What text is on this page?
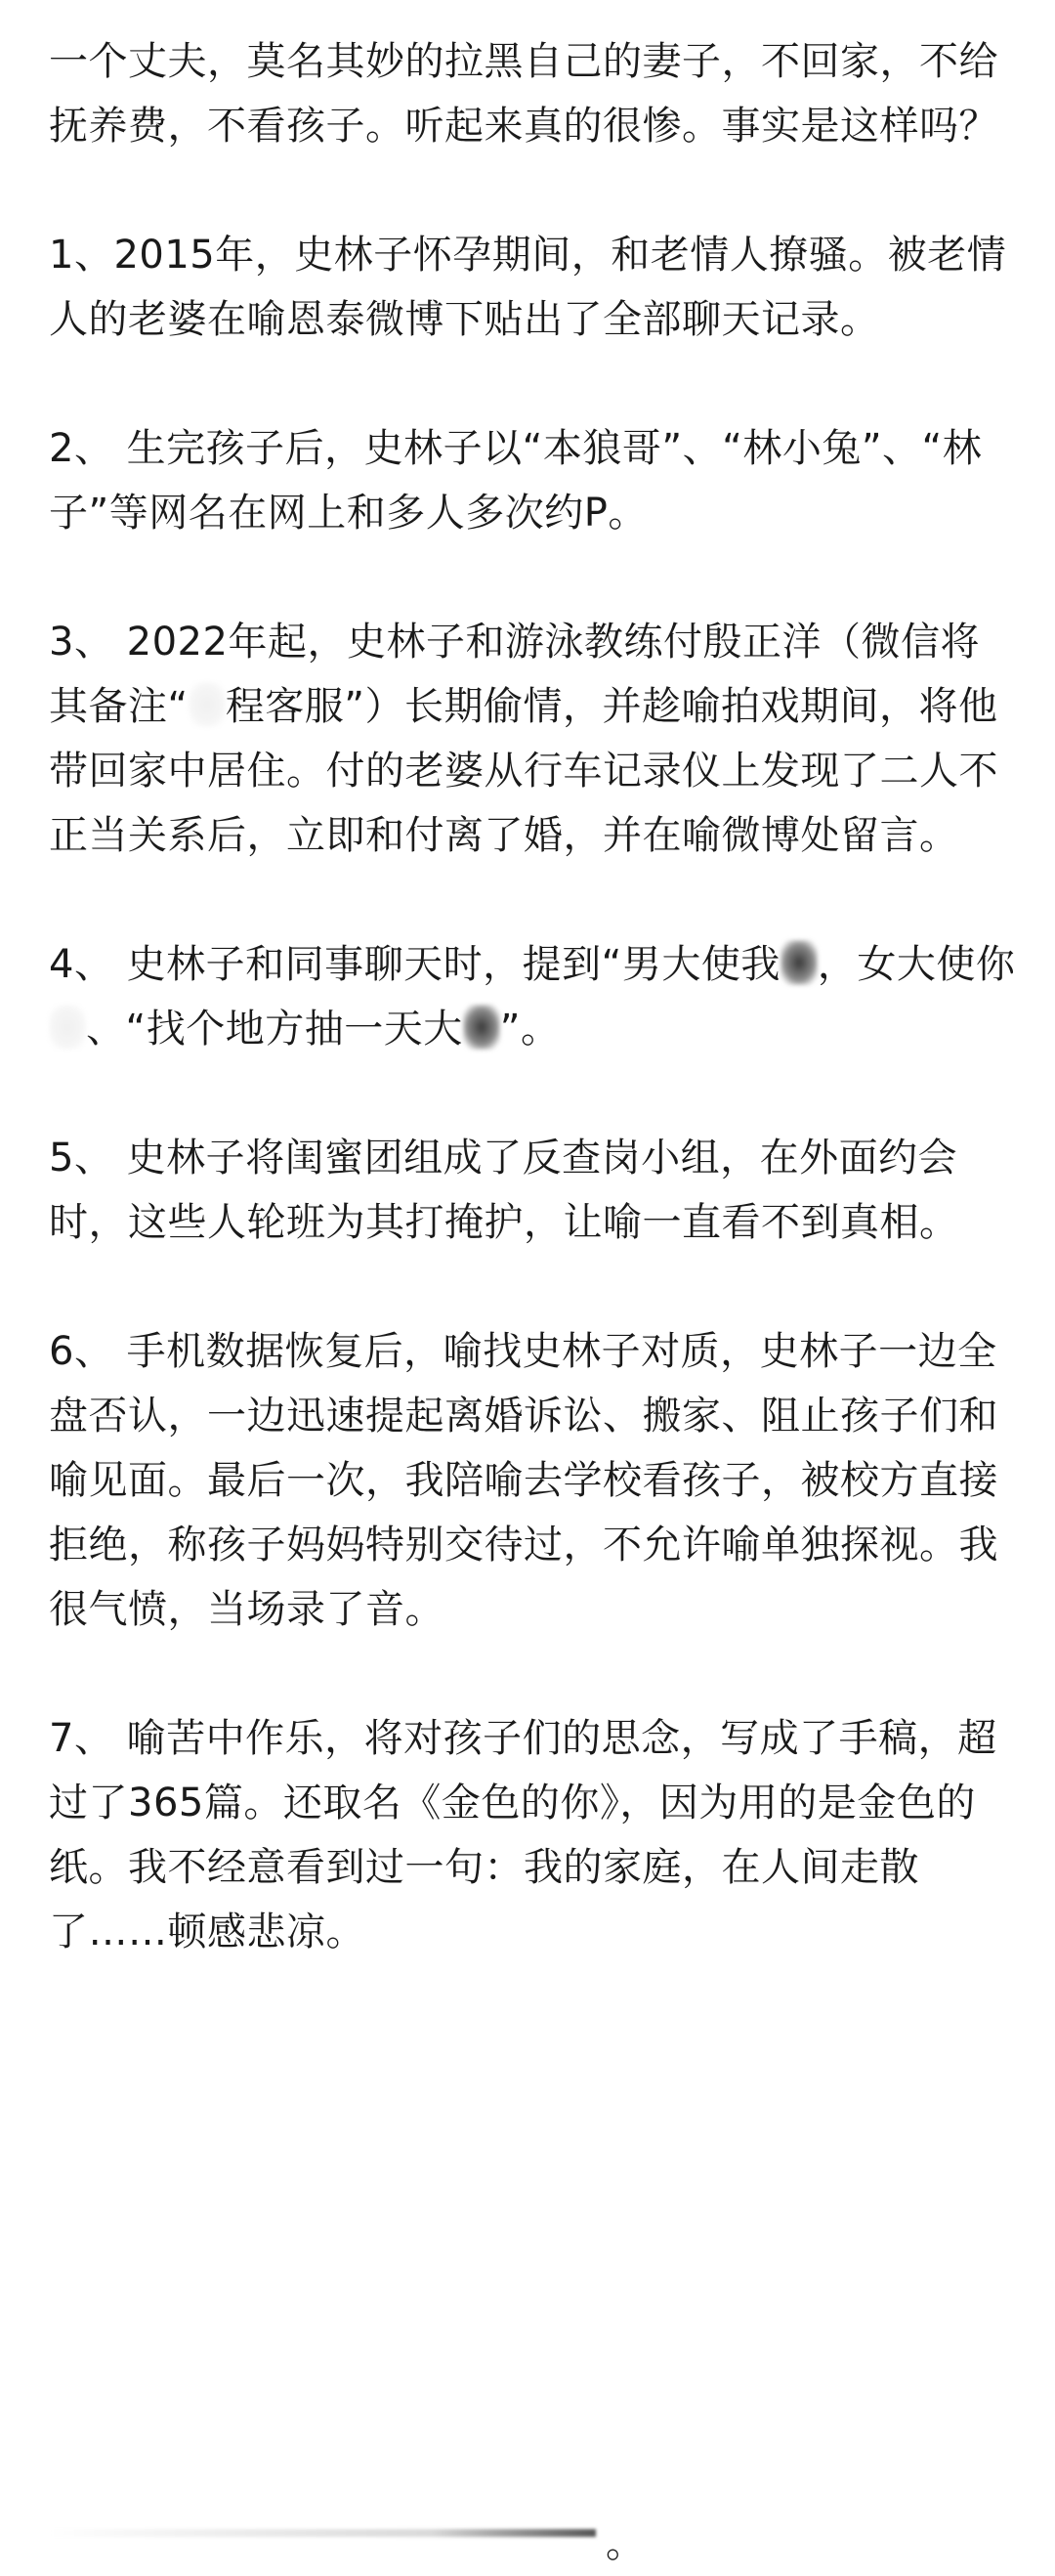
一个丈夫，莫名其妙的拉黑自己的妻子，不回家，不给抚养费，不看孩子。听起来真的很惨。事实是这样吗？

1、2015年，史林子怀孕期间，和老情人撩骚。被老情人的老婆在喻恩泰微博下贴出了全部聊天记录。

2、 生完孩子后，史林子以“本狼哥”、“林小兔”、“林子”等网名在网上和多人多次约P。

3、 2022年起，史林子和游泳教练付殷正洋（微信将其备注“ 程客服”）长期偷情，并趁喻拍戏期间，将他带回家中居住。付的老婆从行车记录仪上发现了二人不正当关系后，立即和付离了婚，并在喻微博处留言。

4、 史林子和同事聊天时，提到“男大使我 ，女大使你、“找个地方抽一天大 ”。

5、 史林子将闺蜜团组成了反查岗小组，在外面约会时，这些人轮班为其打掩护，让喻一直看不到真相。

6、 手机数据恢复后，喻找史林子对质，史林子一边全盘否认，一边迅速提起离婚诉讼、搬家、阻止孩子们和喻见面。最后一次，我陪喻去学校看孩子，被校方直接拒绝，称孩子妈妈特别交待过，不允许喻单独探视。我很气愤，当场录了音。

7、 喻苦中作乐，将对孩子们的思念，写成了手稿，超过了365篇。还取名《金色的你》，因为用的是金色的纸。我不经意看到过一句：我的家庭，在人间走散了……顿感悲凉。

。
